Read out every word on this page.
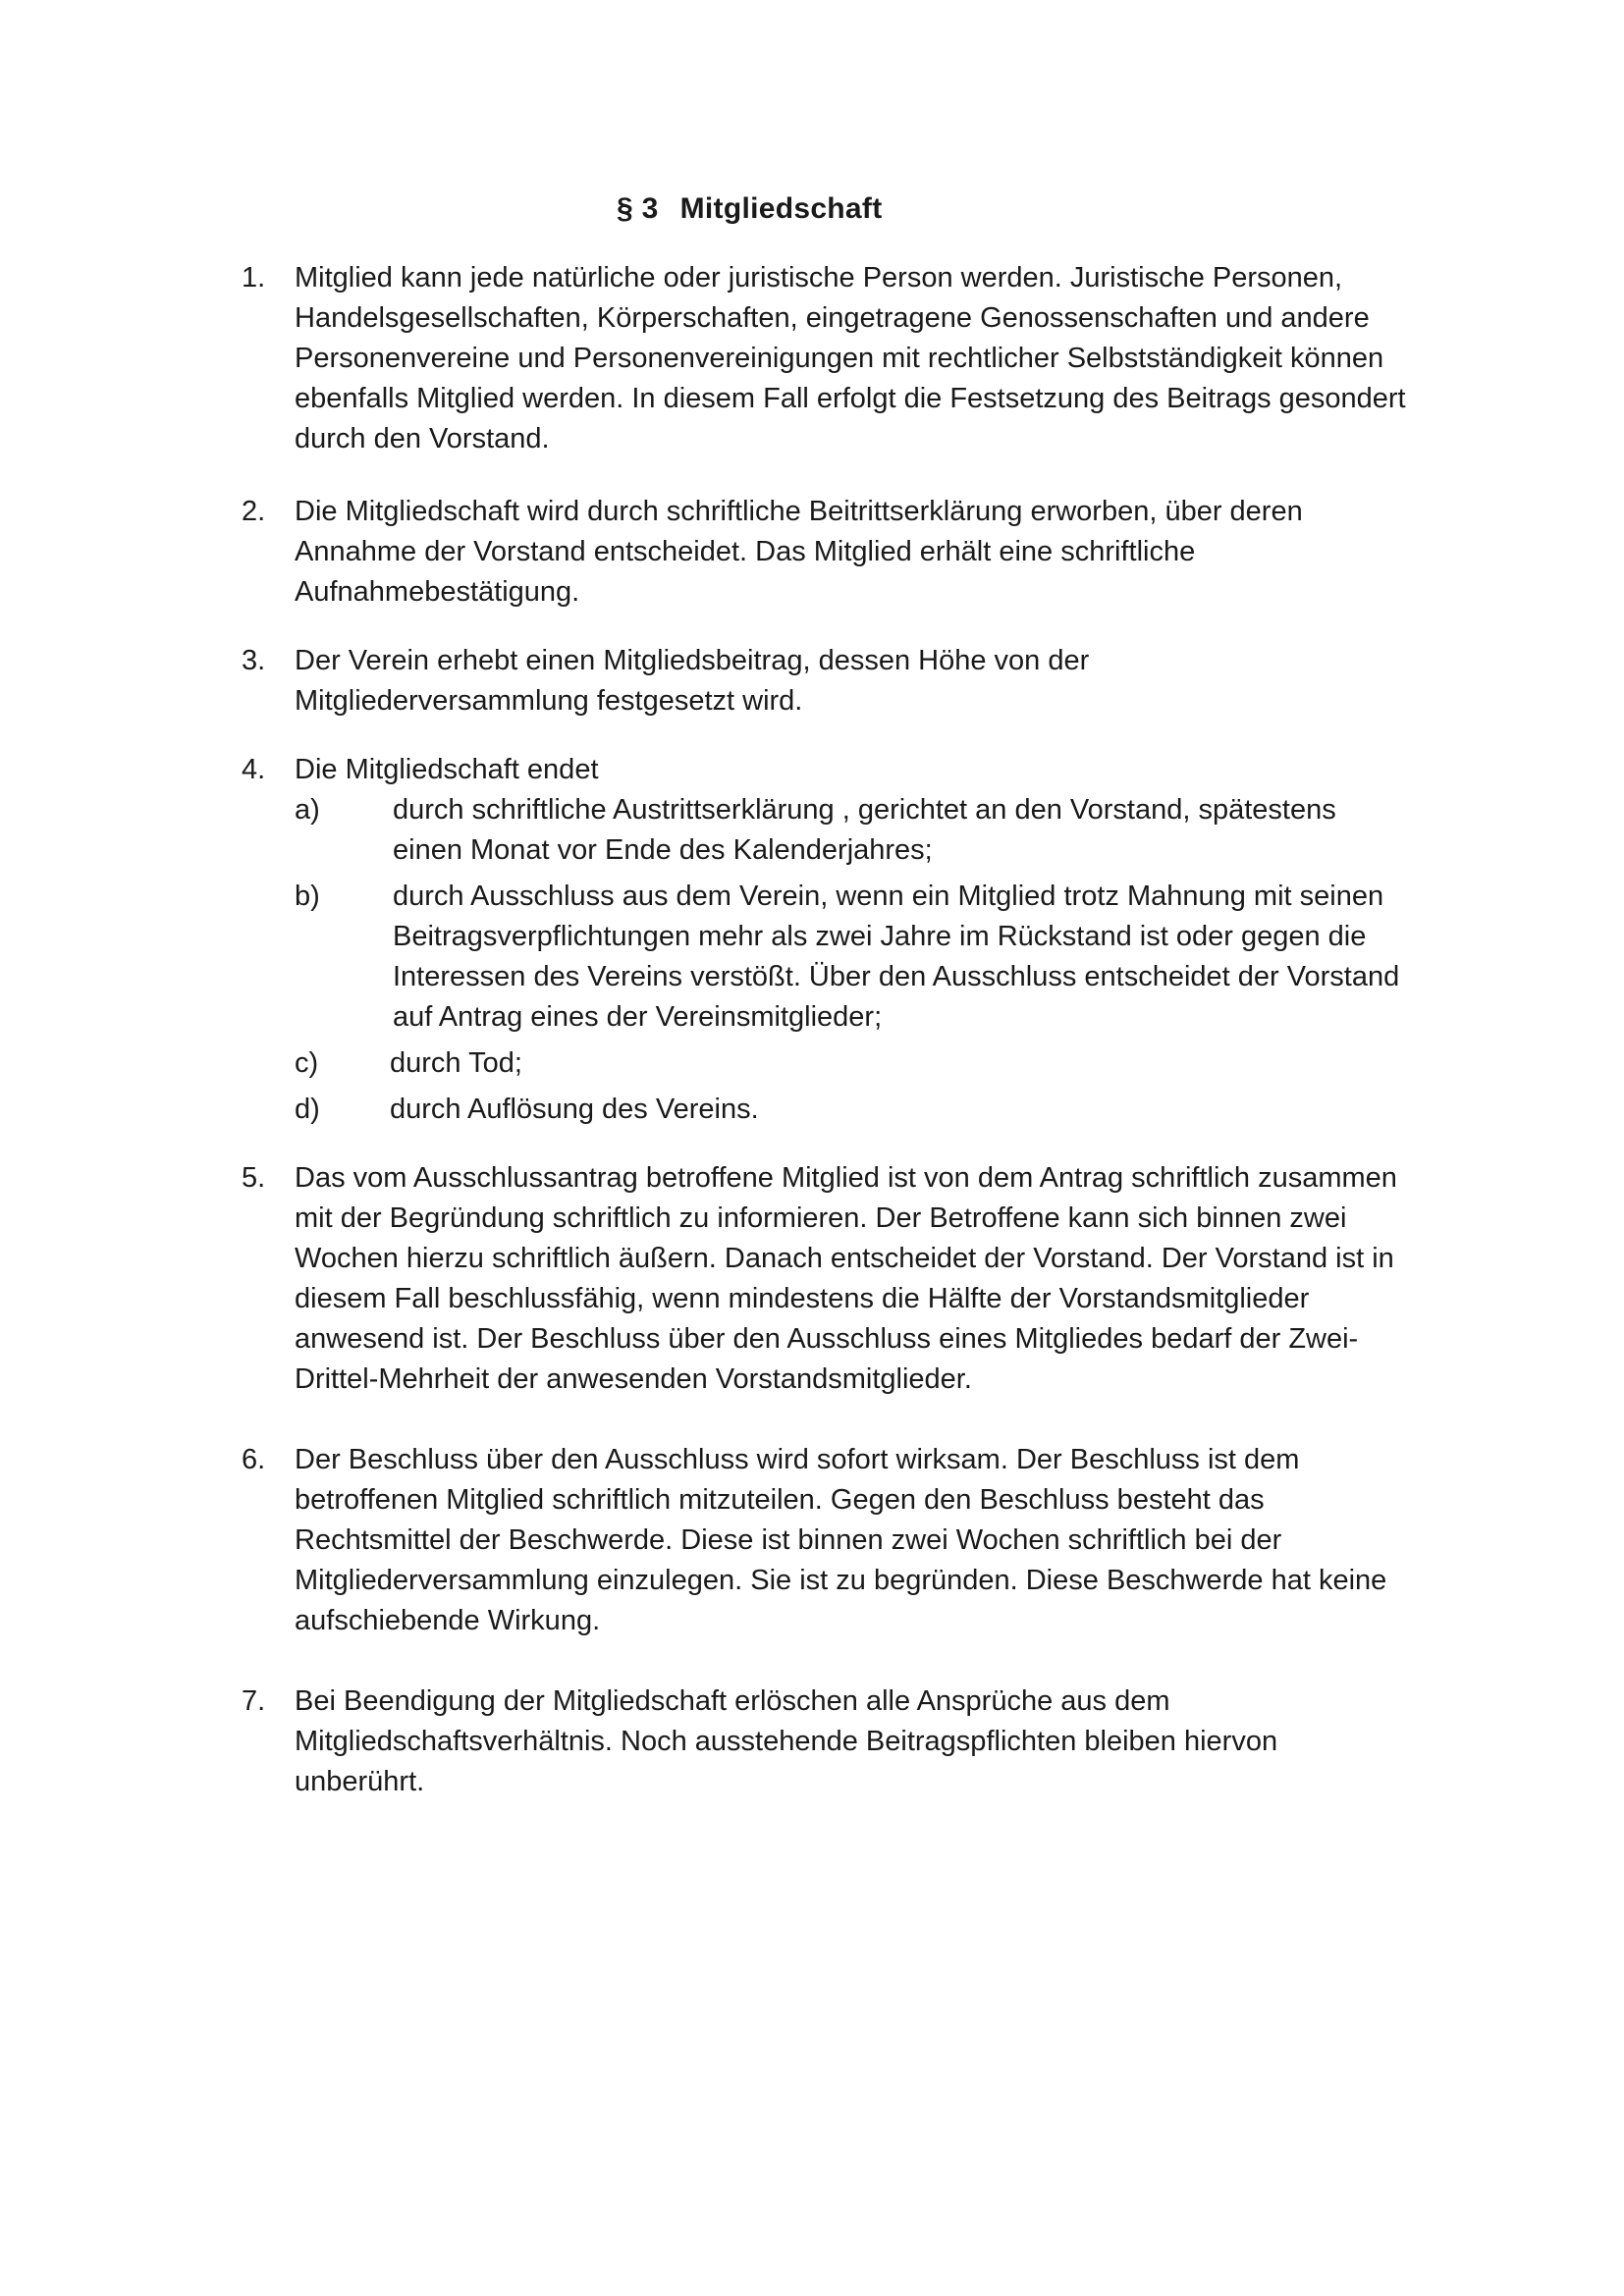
§ 3 Mitgliedschaft
1.	Mitglied kann jede natürliche oder juristische Person werden. Juristische Personen,
Handelsgesellschaften, Körperschaften, eingetragene Genossenschaften und andere
Personenvereine und Personenvereinigungen mit rechtlicher Selbstständigkeit können
ebenfalls Mitglied werden. In diesem Fall erfolgt die Festsetzung des Beitrags gesondert
durch den Vorstand.
2.	Die Mitgliedschaft wird durch schriftliche Beitrittserklärung erworben, über deren
Annahme der Vorstand entscheidet. Das Mitglied erhält eine schriftliche
Aufnahmebestätigung.
3.	Der Verein erhebt einen Mitgliedsbeitrag, dessen Höhe von der
Mitgliederversammlung festgesetzt wird.
4.	Die Mitgliedschaft endet
a)	durch schriftliche Austrittserklärung , gerichtet an den Vorstand, spätestens
einen Monat vor Ende des Kalenderjahres;
b)	durch Ausschluss aus dem Verein, wenn ein Mitglied trotz Mahnung mit seinen
Beitragsverpflichtungen mehr als zwei Jahre im Rückstand ist oder gegen die
Interessen des Vereins verstößt. Über den Ausschluss entscheidet der Vorstand
auf Antrag eines der Vereinsmitglieder;
c)	durch Tod;
d)	durch Auflösung des Vereins.
5.	Das vom Ausschlussantrag betroffene Mitglied ist von dem Antrag schriftlich zusammen
mit der Begründung schriftlich zu informieren. Der Betroffene kann sich binnen zwei
Wochen hierzu schriftlich äußern. Danach entscheidet der Vorstand. Der Vorstand ist in
diesem Fall beschlussfähig, wenn mindestens die Hälfte der Vorstandsmitglieder
anwesend ist. Der Beschluss über den Ausschluss eines Mitgliedes bedarf der Zwei-
Drittel-Mehrheit der anwesenden Vorstandsmitglieder.
6.	Der Beschluss über den Ausschluss wird sofort wirksam. Der Beschluss ist dem
betroffenen Mitglied schriftlich mitzuteilen. Gegen den Beschluss besteht das
Rechtsmittel der Beschwerde. Diese ist binnen zwei Wochen schriftlich bei der
Mitgliederversammlung einzulegen. Sie ist zu begründen. Diese Beschwerde hat keine
aufschiebende Wirkung.
7.	Bei Beendigung der Mitgliedschaft erlöschen alle Ansprüche aus dem
Mitgliedschaftsverhältnis. Noch ausstehende Beitragspflichten bleiben hiervon
unberührt.
